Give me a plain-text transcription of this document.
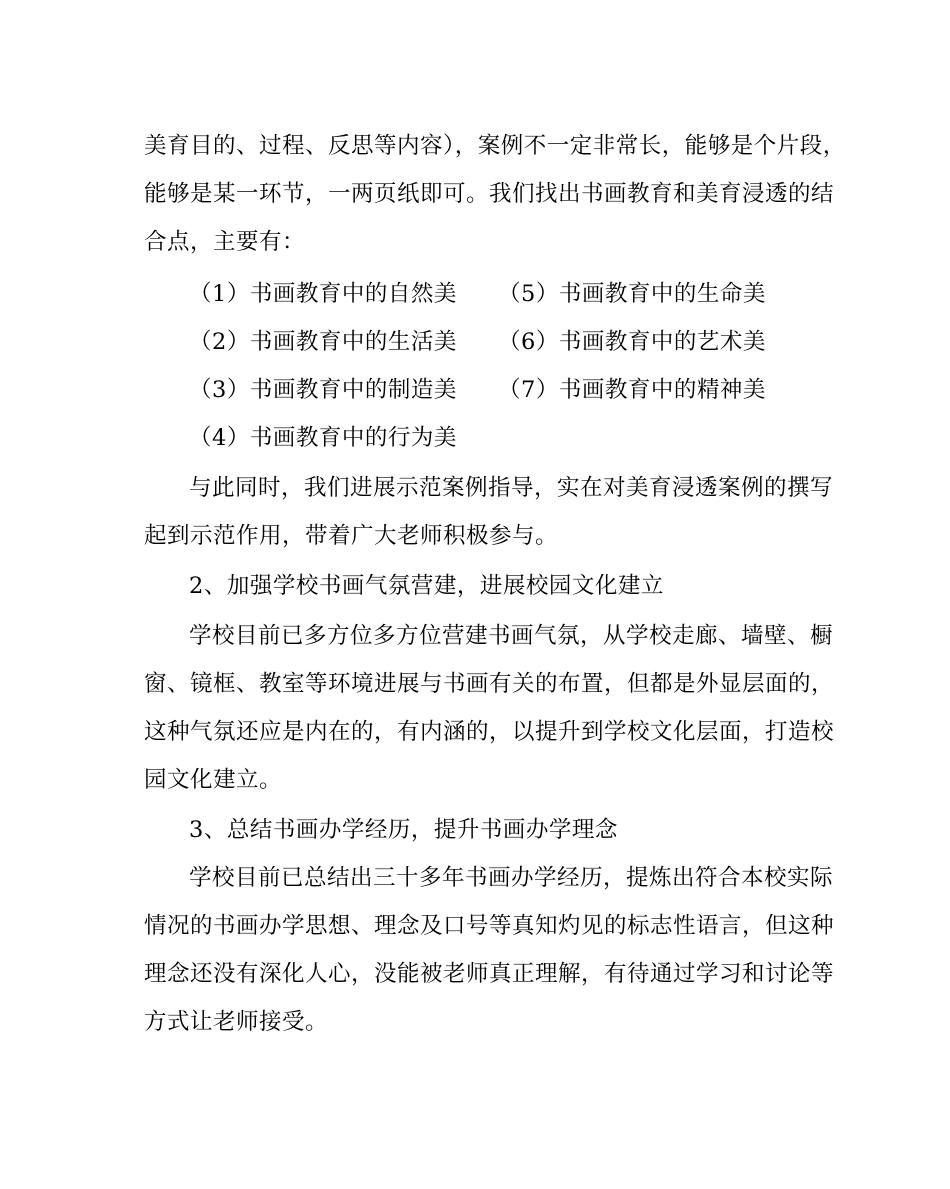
美育目的、过程、反思等内容），案例不一定非常长，能够是个片段，
能够是某一环节，一两页纸即可。我们找出书画教育和美育浸透的结
合点，主要有：
（1）书画教育中的自然美 （5）书画教育中的生命美
（2）书画教育中的生活美 （6）书画教育中的艺术美
（3）书画教育中的制造美 （7）书画教育中的精神美
（4）书画教育中的行为美
与此同时，我们进展示范案例指导，实在对美育浸透案例的撰写
起到示范作用，带着广大老师积极参与。
2、加强学校书画气氛营建，进展校园文化建立
学校目前已多方位多方位营建书画气氛，从学校走廊、墙壁、橱
窗、镜框、教室等环境进展与书画有关的布置，但都是外显层面的，
这种气氛还应是内在的，有内涵的，以提升到学校文化层面，打造校
园文化建立。
3、总结书画办学经历，提升书画办学理念
学校目前已总结出三十多年书画办学经历，提炼出符合本校实际
情况的书画办学思想、理念及口号等真知灼见的标志性语言，但这种
理念还没有深化人心，没能被老师真正理解，有待通过学习和讨论等
方式让老师接受。
